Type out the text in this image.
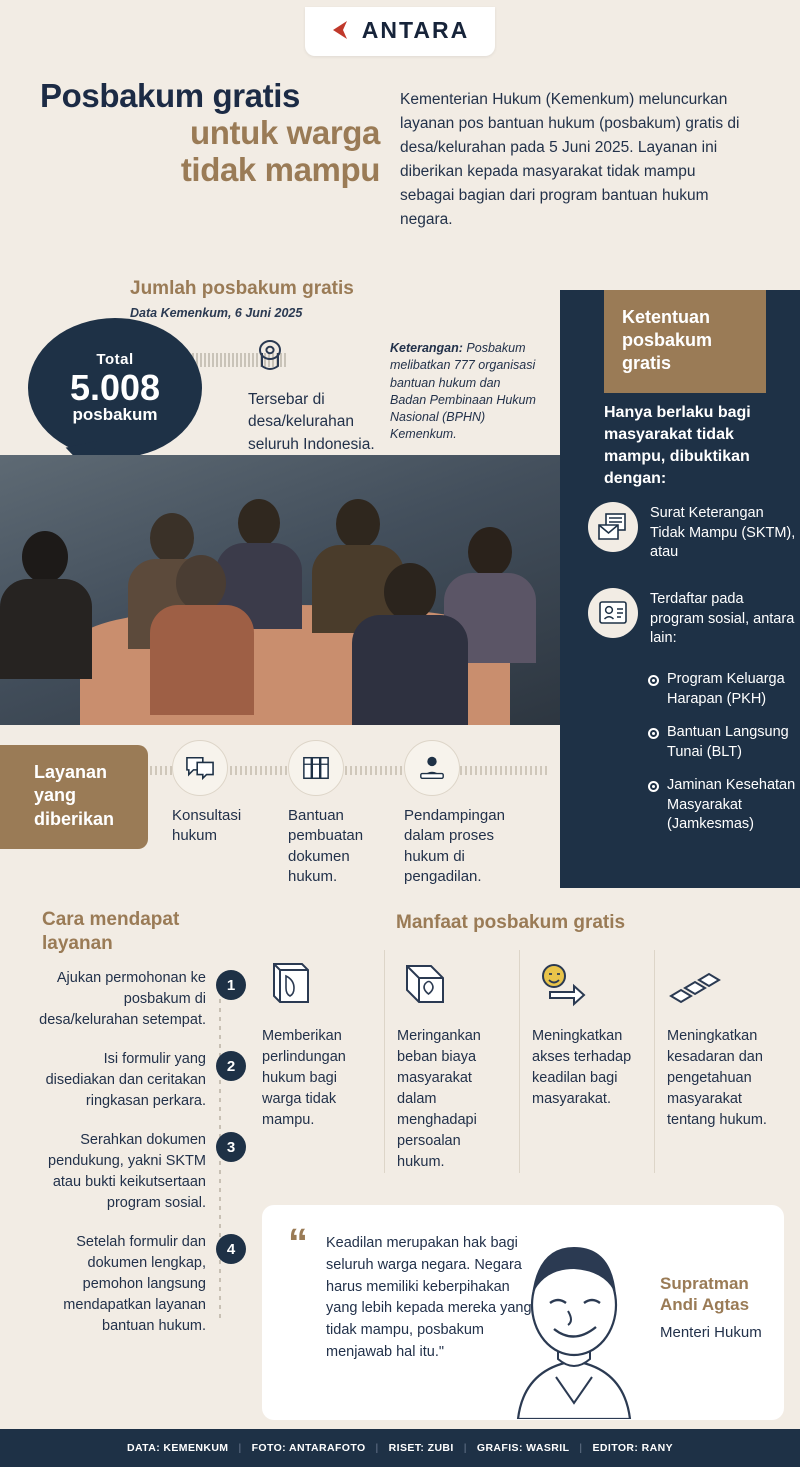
ANTARA
Posbakum gratis
untuk warga
tidak mampu
Kementerian Hukum (Kemenkum) meluncurkan layanan pos bantuan hukum (posbakum) gratis di desa/kelurahan pada 5 Juni 2025. Layanan ini diberikan kepada masyarakat tidak mampu sebagai bagian dari program bantuan hukum negara.
Jumlah posbakum gratis
Data Kemenkum, 6 Juni 2025
Total
5.008
posbakum
Tersebar di desa/kelurahan seluruh Indonesia.
Keterangan: Posbakum melibatkan 777 organisasi bantuan hukum dan Badan Pembinaan Hukum Nasional (BPHN) Kemenkum.
Ketentuan posbakum gratis
Hanya berlaku bagi masyarakat tidak mampu, dibuktikan dengan:
Surat Keterangan Tidak Mampu (SKTM), atau
Terdaftar pada program sosial, antara lain:
Program Keluarga Harapan (PKH)
Bantuan Langsung Tunai (BLT)
Jaminan Kesehatan Masyarakat (Jamkesmas)
Layanan yang diberikan	Konsultasi hukum
Bantuan pembuatan dokumen hukum.
Pendampingan dalam proses hukum di pengadilan.
Cara mendapat layanan
Ajukan permohonan ke posbakum di desa/kelurahan setempat.
1
Isi formulir yang disediakan dan ceritakan ringkasan perkara.
2
Serahkan dokumen pendukung, yakni SKTM atau bukti keikutsertaan program sosial.
3
Setelah formulir dan dokumen lengkap, pemohon langsung mendapatkan layanan bantuan hukum.
4
Manfaat posbakum gratis
Memberikan perlindungan hukum bagi warga tidak mampu.
Meringankan beban biaya masyarakat dalam menghadapi persoalan hukum.
Meningkatkan akses terhadap keadilan bagi masyarakat.
Meningkatkan kesadaran dan pengetahuan masyarakat tentang hukum.
“ Keadilan merupakan hak bagi seluruh warga negara. Negara harus memiliki keberpihakan yang lebih kepada mereka yang tidak mampu, posbakum menjawab hal itu."
Supratman Andi Agtas
Menteri Hukum
DATA: KEMENKUM | FOTO: ANTARAFOTO | RISET: ZUBI | GRAFIS: WASRIL | EDITOR: RANY
